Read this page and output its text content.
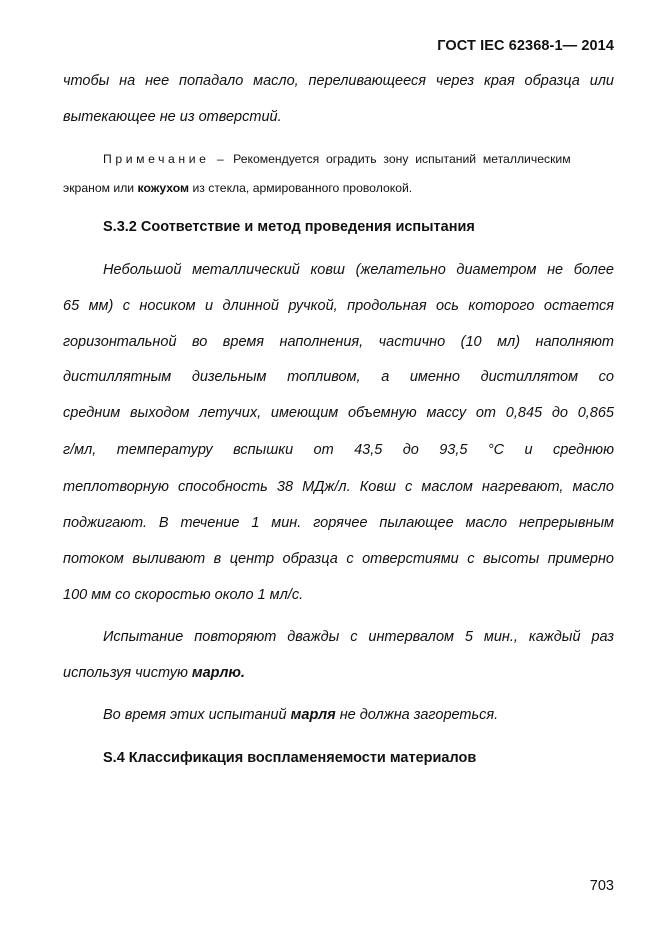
ГОСТ IEC 62368-1— 2014
чтобы на нее попадало масло, переливающееся через края образца или
вытекающее не из отверстий.
Примечание – Рекомендуется оградить зону испытаний металлическим
экраном или кожухом из стекла, армированного проволокой.
S.3.2 Соответствие и метод проведения испытания
Небольшой металлический ковш (желательно диаметром не более
65 мм) с носиком и длинной ручкой, продольная ось которого остается
горизонтальной во время наполнения, частично (10 мл) наполняют
дистиллятным дизельным топливом, а именно дистиллятом со
средним выходом летучих, имеющим объемную массу от 0,845 до 0,865
г/мл, температуру вспышки от 43,5 до 93,5 °С и среднюю
теплотворную способность 38 МДж/л. Ковш с маслом нагревают, масло
поджигают. В течение 1 мин. горячее пылающее масло непрерывным
потоком выливают в центр образца с отверстиями с высоты примерно
100 мм со скоростью около 1 мл/с.
Испытание повторяют дважды с интервалом 5 мин., каждый раз
используя чистую марлю.
Во время этих испытаний марля не должна загореться.
S.4 Классификация воспламеняемости материалов
703
